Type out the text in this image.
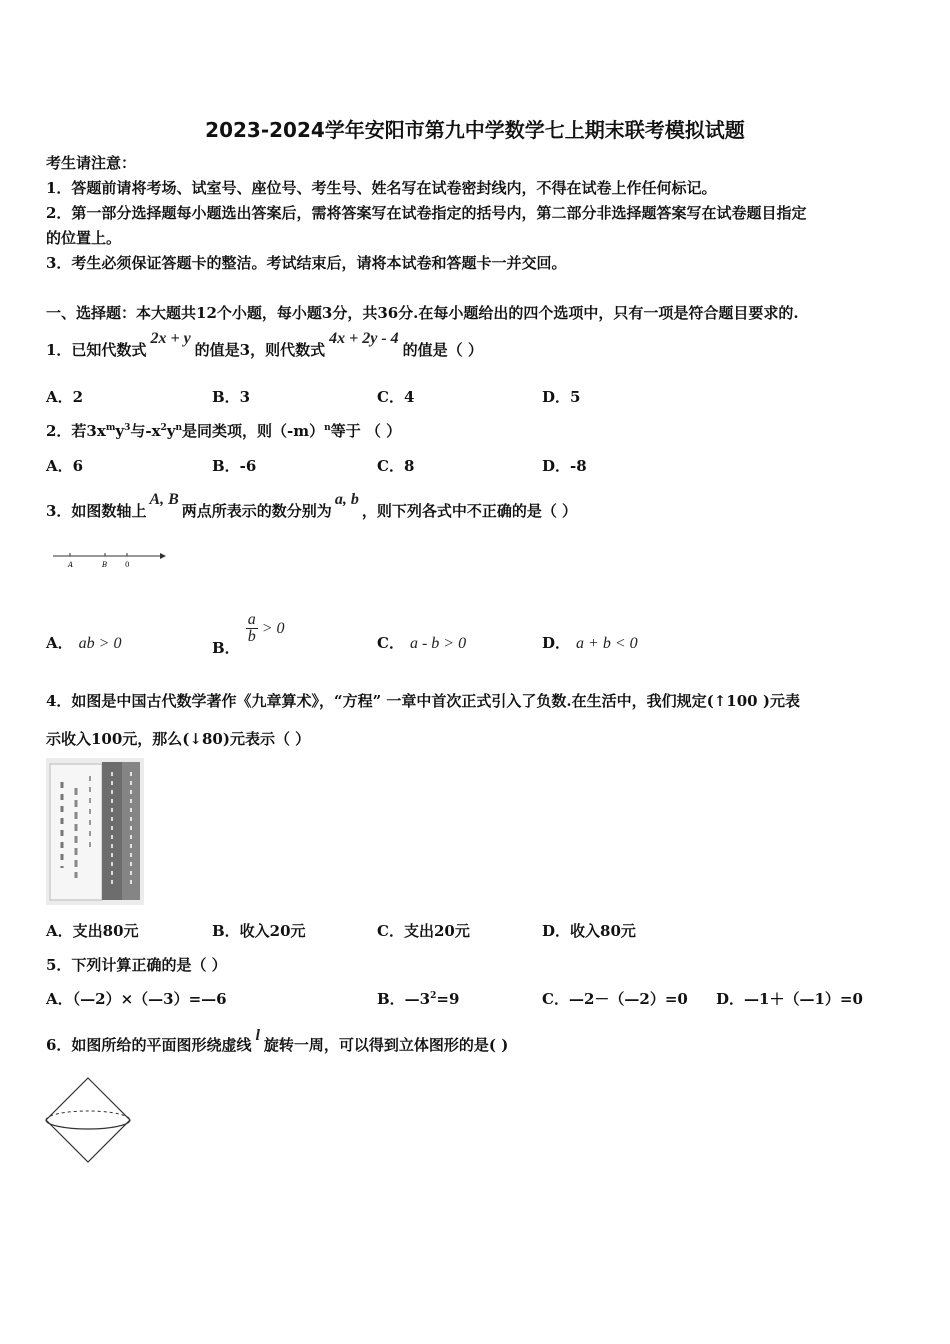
2023-2024学年安阳市第九中学数学七上期末联考模拟试题
考生请注意：
1．答题前请将考场、试室号、座位号、考生号、姓名写在试卷密封线内，不得在试卷上作任何标记。
2．第一部分选择题每小题选出答案后，需将答案写在试卷指定的括号内，第二部分非选择题答案写在试卷题目指定
的位置上。
3．考生必须保证答题卡的整洁。考试结束后，请将本试卷和答题卡一并交回。
一、选择题：本大题共12个小题，每小题3分，共36分.在每小题给出的四个选项中，只有一项是符合题目要求的.
1．已知代数式2x + y的值是3，则代数式4x + 2y - 4的值是（ ）
A．2	B．3	C．4	D．5
2．若$3x^my^3$与$-x^2y^n$是同类项，则$(-m)^n$等于 （ ）
A．6	B．-6	C．8	D．-8
3．如图数轴上A, B两点所表示的数分别为a, b，则下列各式中不正确的是（ ）
A	B	0
A． ab > 0	B．
$\frac{a}{b} > 0$
C． a - b > 0	D． a + b < 0
4．如图是中国古代数学著作《九章算术》，“方程” 一章中首次正式引入了负数.在生活中，我们规定(↑100 )元表
示收入100元，那么(↓80)元表示（ ）
A．支出80元	B．收入20元	C．支出20元	D．收入80元
5．下列计算正确的是（ ）
A．（—2）×（—3）=—6	B．$—3^2=9$	C．—2－（—2）=0 D．—1＋（—1）=0
6．如图所给的平面图形绕虚线l旋转一周，可以得到立体图形的是( )
